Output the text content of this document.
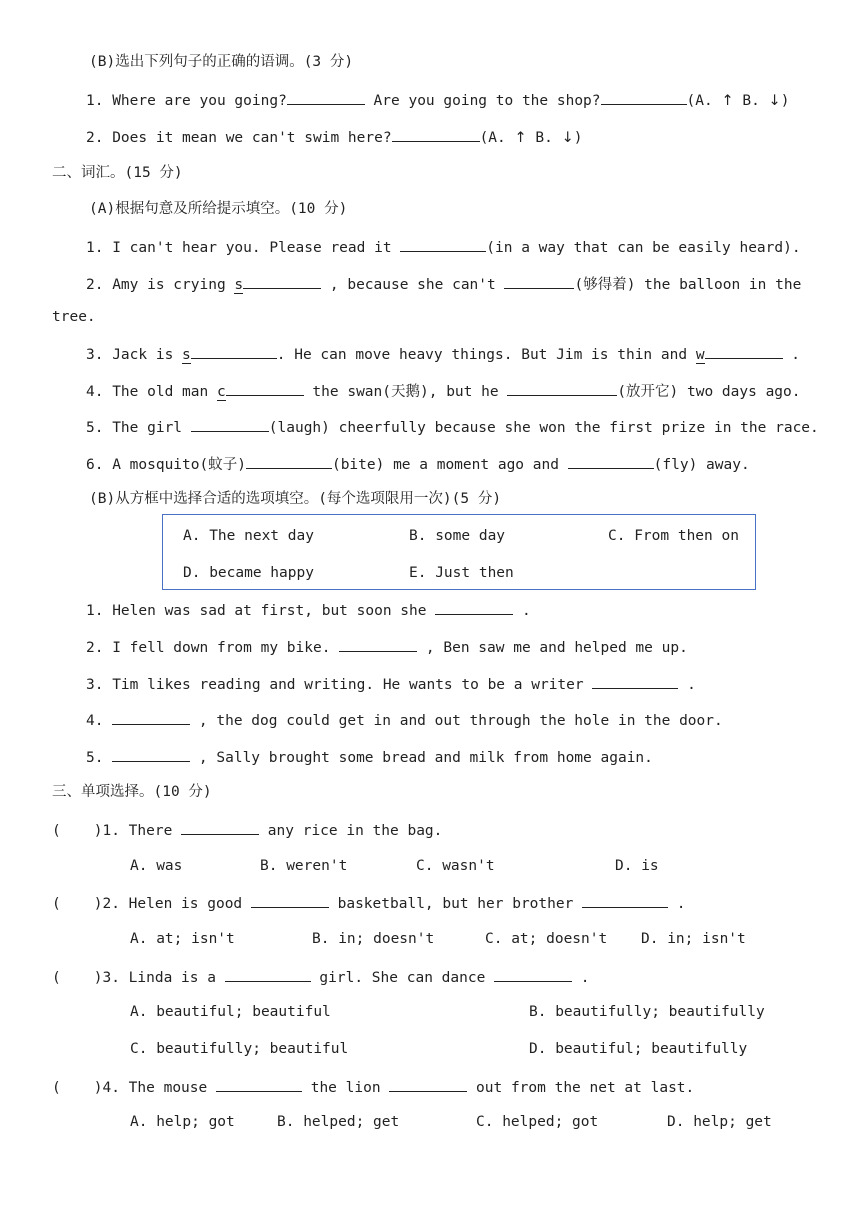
(B)选出下列句子的正确的语调。(3 分)
1. Where are you going?	Are you going to the shop?	(A. ↑ B. ↓)
2. Does it mean we can't swim here?	(A. ↑ B. ↓)
二、词汇。(15 分)
(A)根据句意及所给提示填空。(10 分)
1. I can't hear you. Please read it	(in a way that can be easily heard).
2. Amy is crying s	, because she can't	(够得着) the balloon in the
tree.
3. Jack is s	. He can move heavy things. But Jim is thin and w	.
4. The old man c	the swan(天鹅), but he	(放开它) two days ago.
5. The girl	(laugh) cheerfully because she won the first prize in the race.
6. A mosquito(蚊子)	(bite) me a moment ago and	(fly) away.
(B)从方框中选择合适的选项填空。(每个选项限用一次)(5 分)
A. The next day	B. some day	C. From then on
D. became happy	E. Just then
1. Helen was sad at first, but soon she	.
2. I fell down from my bike.	, Ben saw me and helped me up.
3. Tim likes reading and writing. He wants to be a writer	.
4.	, the dog could get in and out through the hole in the door.
5.	, Sally brought some bread and milk from home again.
三、单项选择。(10 分)
( )1. There	any rice in the bag.
A. was	B. weren't	C. wasn't	D. is
( )2. Helen is good	basketball, but her brother	.
A. at; isn't	B. in; doesn't	C. at; doesn't D. in; isn't
( )3. Linda is a	girl. She can dance	.
A. beautiful; beautiful	B. beautifully; beautifully
C. beautifully; beautiful	D. beautiful; beautifully
( )4. The mouse	the lion	out from the net at last.
A. help; got	B. helped; get	C. helped; got	D. help; get
